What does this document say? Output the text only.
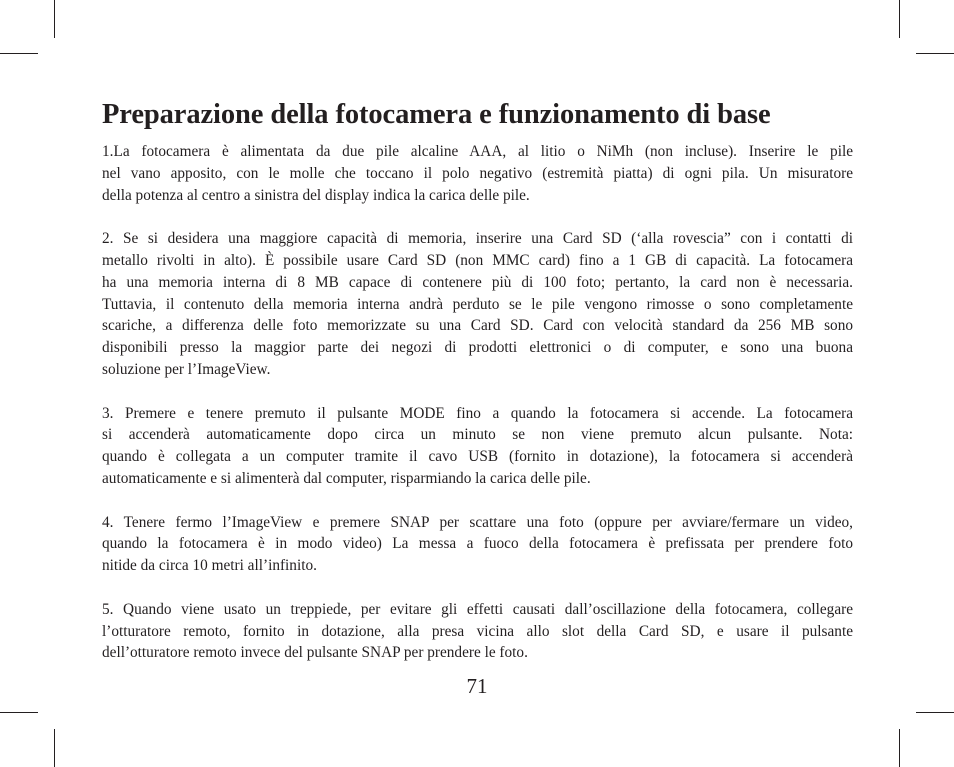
Preparazione della fotocamera e funzionamento di base

1.La fotocamera è alimentata da due pile alcaline AAA, al litio o NiMh (non incluse). Inserire le pile
nel vano apposito, con le molle che toccano il polo negativo (estremità piatta) di ogni pila. Un misuratore
della potenza al centro a sinistra del display indica la carica delle pile.

2. Se si desidera una maggiore capacità di memoria, inserire una Card SD (‘alla rovescia” con i contatti di
metallo rivolti in alto). È possibile usare Card SD (non MMC card) fino a 1 GB di capacità. La fotocamera
ha una memoria interna di 8 MB capace di contenere più di 100 foto; pertanto, la card non è necessaria.
Tuttavia, il contenuto della memoria interna andrà perduto se le pile vengono rimosse o sono completamente
scariche, a differenza delle foto memorizzate su una Card SD. Card con velocità standard da 256 MB sono
disponibili presso la maggior parte dei negozi di prodotti elettronici o di computer, e sono una buona
soluzione per l’ImageView.

3. Premere e tenere premuto il pulsante MODE fino a quando la fotocamera si accende. La fotocamera
si accenderà automaticamente dopo circa un minuto se non viene premuto alcun pulsante. Nota:
quando è collegata a un computer tramite il cavo USB (fornito in dotazione), la fotocamera si accenderà
automaticamente e si alimenterà dal computer, risparmiando la carica delle pile.

4. Tenere fermo l’ImageView e premere SNAP per scattare una foto (oppure per avviare/fermare un video,
quando la fotocamera è in modo video) La messa a fuoco della fotocamera è prefissata per prendere foto
nitide da circa 10 metri all’infinito.

5. Quando viene usato un treppiede, per evitare gli effetti causati dall’oscillazione della fotocamera, collegare
l’otturatore remoto, fornito in dotazione, alla presa vicina allo slot della Card SD, e usare il pulsante
dell’otturatore remoto invece del pulsante SNAP per prendere le foto.

71
